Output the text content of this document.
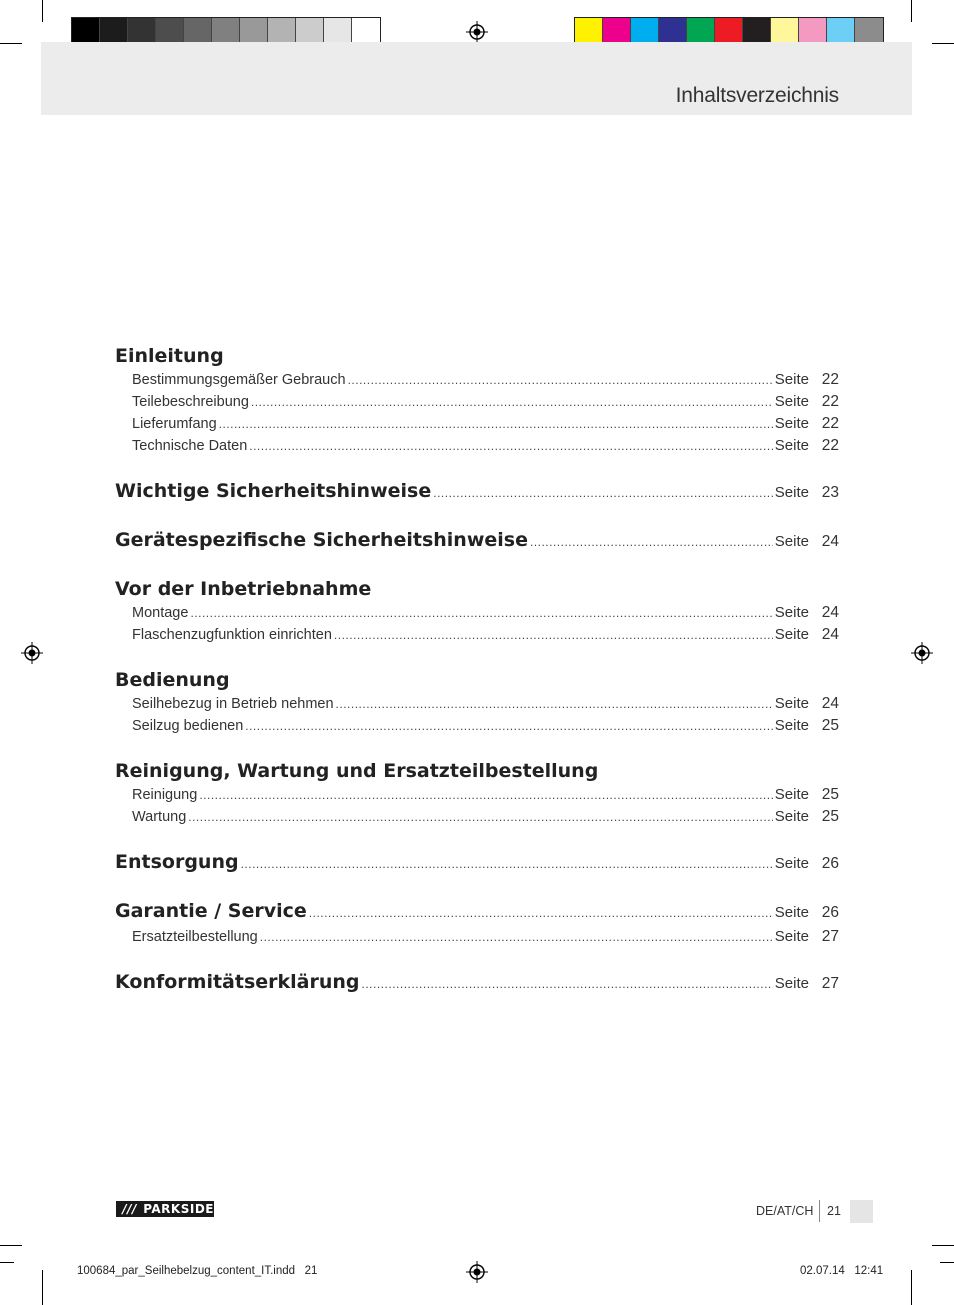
Inhaltsverzeichnis
Einleitung
Bestimmungsgemäßer Gebrauch .....	Seite 22
Teilebeschreibung .....	Seite 22
Lieferumfang .....	Seite 22
Technische Daten .....	Seite 22
Wichtige Sicherheitshinweise .....	Seite 23
Gerätespezifische Sicherheitshinweise .....	Seite 24
Vor der Inbetriebnahme
Montage .....	Seite 24
Flaschenzugfunktion einrichten .....	Seite 24
Bedienung
Seilhebezug in Betrieb nehmen .....	Seite 24
Seilzug bedienen .....	Seite 25
Reinigung, Wartung und Ersatzteilbestellung
Reinigung .....	Seite 25
Wartung .....	Seite 25
Entsorgung .....	Seite 26
Garantie / Service .....	Seite 26
Ersatzteilbestellung .....	Seite 27
Konformitätserklärung .....	Seite 27
/// PARKSIDE	DE/AT/CH 21
100684_par_Seilhebelzug_content_IT.indd   21	02.07.14   12:41
